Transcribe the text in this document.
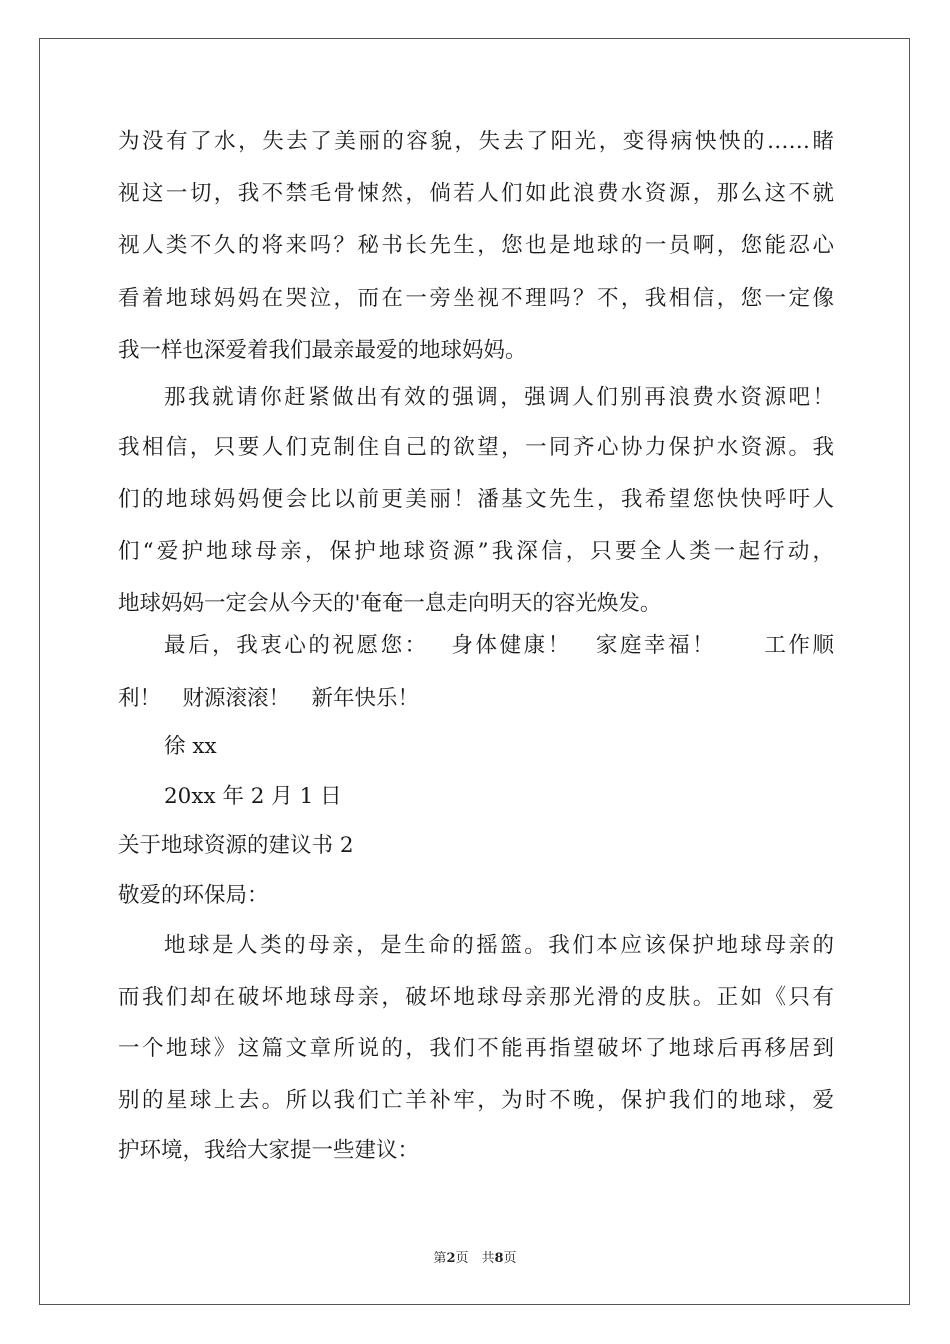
为没有了水，失去了美丽的容貌，失去了阳光，变得病怏怏的……睹
视这一切，我不禁毛骨悚然，倘若人们如此浪费水资源，那么这不就
视人类不久的将来吗？秘书长先生，您也是地球的一员啊，您能忍心
看着地球妈妈在哭泣，而在一旁坐视不理吗？不，我相信，您一定像
我一样也深爱着我们最亲最爱的地球妈妈。
那我就请你赶紧做出有效的强调，强调人们别再浪费水资源吧！
我相信，只要人们克制住自己的欲望，一同齐心协力保护水资源。我
们的地球妈妈便会比以前更美丽！潘基文先生，我希望您快快呼吁人
们“爱护地球母亲，保护地球资源”我深信，只要全人类一起行动，
地球妈妈一定会从今天的'奄奄一息走向明天的容光焕发。
最后，我衷心的祝愿您：　 身体健康！　家庭幸福！　　工作顺
利！　财源滚滚！　新年快乐！
徐 xx
20xx 年 2 月 1 日
关于地球资源的建议书 2
敬爱的环保局：
地球是人类的母亲，是生命的摇篮。我们本应该保护地球母亲的
而我们却在破坏地球母亲，破坏地球母亲那光滑的皮肤。正如《只有
一个地球》这篇文章所说的，我们不能再指望破坏了地球后再移居到
别的星球上去。所以我们亡羊补牢，为时不晚，保护我们的地球，爱
护环境，我给大家提一些建议：
第2页　共8页
